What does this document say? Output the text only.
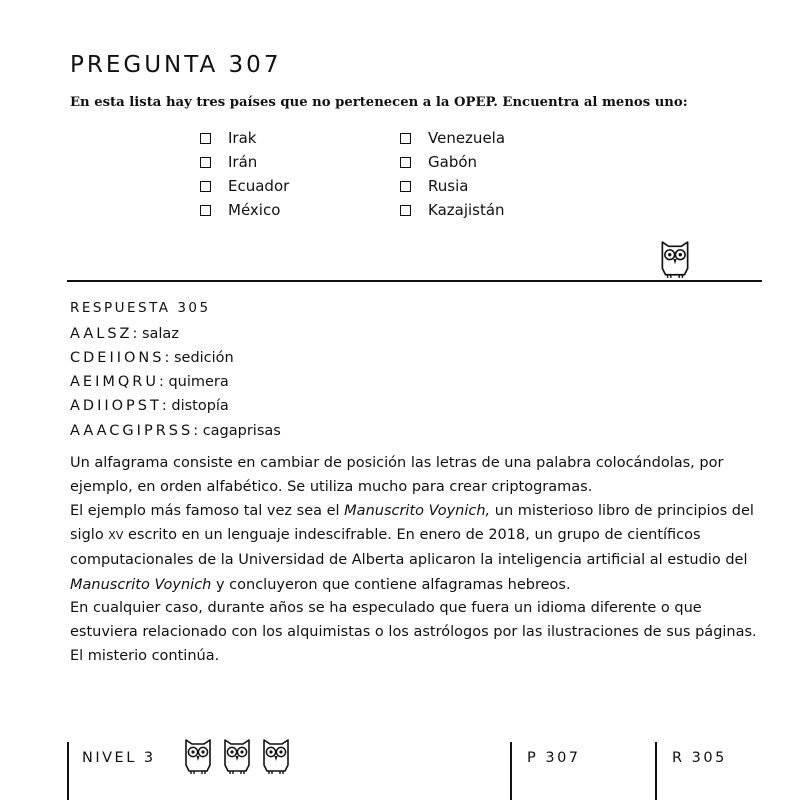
PREGUNTA 307
En esta lista hay tres países que no pertenecen a la OPEP. Encuentra al menos uno:
Irak
Irán
Ecuador
México
Venezuela
Gabón
Rusia
Kazajistán
RESPUESTA 305
AALSZ: salaz
CDEIIONS: sedición
AEIMQRU: quimera
ADIIOPST: distopía
AAACGIPRSS: cagaprisas
Un alfagrama consiste en cambiar de posición las letras de una palabra colocándolas, por ejemplo, en orden alfabético. Se utiliza mucho para crear criptogramas.
El ejemplo más famoso tal vez sea el Manuscrito Voynich, un misterioso libro de principios del siglo XV escrito en un lenguaje indescifrable. En enero de 2018, un grupo de científicos computacionales de la Universidad de Alberta aplicaron la inteligencia artificial al estudio del Manuscrito Voynich y concluyeron que contiene alfagramas hebreos.
En cualquier caso, durante años se ha especulado que fuera un idioma diferente o que estuviera relacionado con los alquimistas o los astrólogos por las ilustraciones de sus páginas. El misterio continúa.
NIVEL 3	P 307	R 305
